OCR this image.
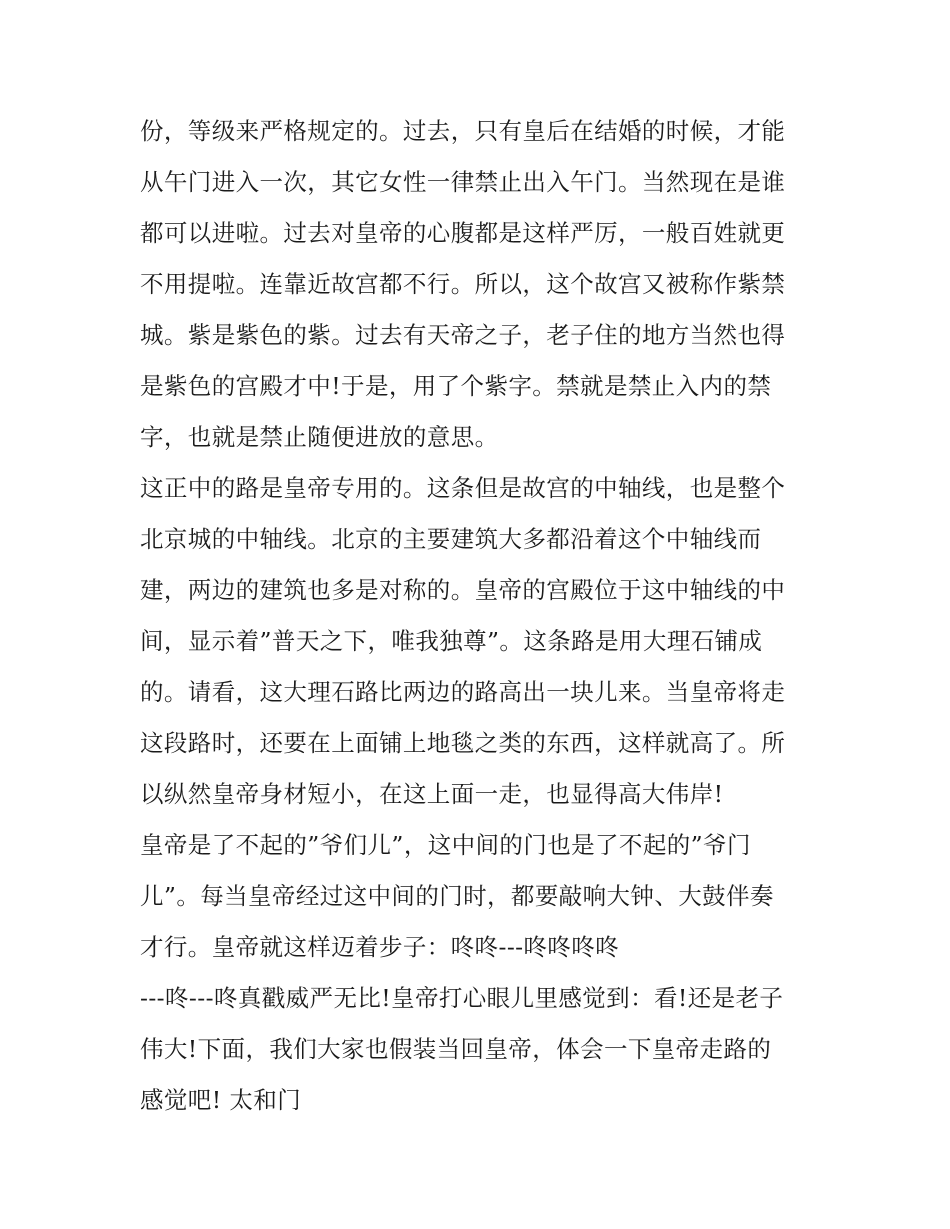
份，等级来严格规定的。过去，只有皇后在结婚的时候，才能
从午门进入一次，其它女性一律禁止出入午门。当然现在是谁
都可以进啦。过去对皇帝的心腹都是这样严厉，一般百姓就更
不用提啦。连靠近故宫都不行。所以，这个故宫又被称作紫禁
城。紫是紫色的紫。过去有天帝之子，老子住的地方当然也得
是紫色的宫殿才中!于是，用了个紫字。禁就是禁止入内的禁
字，也就是禁止随便进放的意思。
这正中的路是皇帝专用的。这条但是故宫的中轴线，也是整个
北京城的中轴线。北京的主要建筑大多都沿着这个中轴线而
建，两边的建筑也多是对称的。皇帝的宫殿位于这中轴线的中
间，显示着”普天之下，唯我独尊”。这条路是用大理石铺成
的。请看，这大理石路比两边的路高出一块儿来。当皇帝将走
这段路时，还要在上面铺上地毯之类的东西，这样就高了。所
以纵然皇帝身材短小，在这上面一走，也显得高大伟岸!
皇帝是了不起的”爷们儿”，这中间的门也是了不起的”爷门
儿”。每当皇帝经过这中间的门时，都要敲响大钟、大鼓伴奏
才行。皇帝就这样迈着步子：咚咚---咚咚咚咚
---咚---咚真戳威严无比!皇帝打心眼儿里感觉到：看!还是老子
伟大!下面，我们大家也假装当回皇帝，体会一下皇帝走路的
感觉吧! 太和门
